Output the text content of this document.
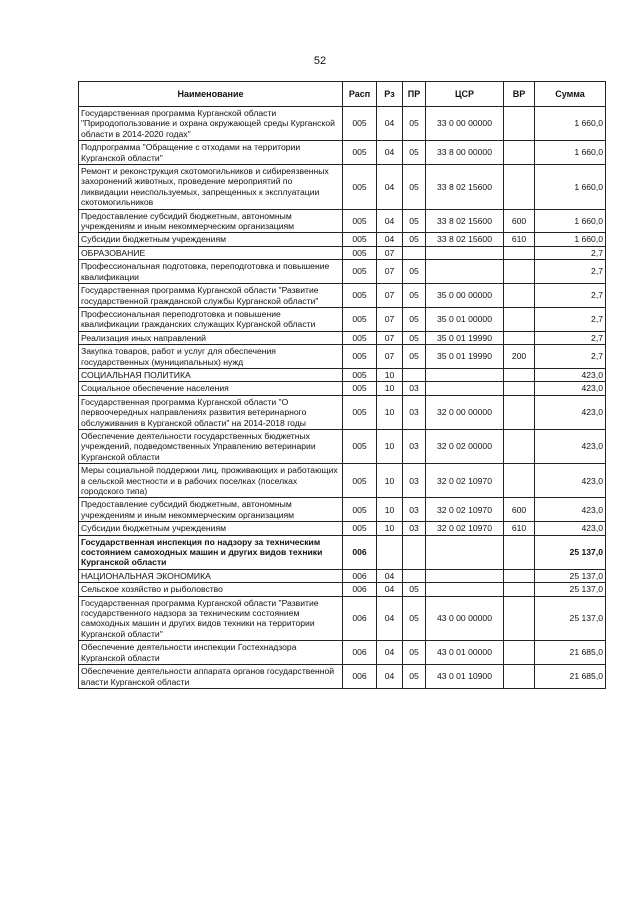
52
Наименование	Расп	Рз	ПР	ЦСР	ВР	Сумма
Государственная программа Курганской области "Природопользование и охрана окружающей среды Курганской области в 2014-2020 годах"	005	04	05	33 0 00 00000		1 660,0
Подпрограмма "Обращение с отходами на территории Курганской области"	005	04	05	33 8 00 00000		1 660,0
Ремонт и реконструкция скотомогильников и сибиреязвенных захоронений животных, проведение мероприятий по ликвидации неиспользуемых, запрещенных к эксплуатации скотомогильников	005	04	05	33 8 02 15600		1 660,0
Предоставление субсидий бюджетным, автономным учреждениям и иным некоммерческим организациям	005	04	05	33 8 02 15600	600	1 660,0
Субсидии бюджетным учреждениям	005	04	05	33 8 02 15600	610	1 660,0
ОБРАЗОВАНИЕ	005	07				2,7
Профессиональная подготовка, переподготовка и повышение квалификации	005	07	05			2,7
Государственная программа Курганской области "Развитие государственной гражданской службы Курганской области"	005	07	05	35 0 00 00000		2,7
Профессиональная переподготовка и повышение квалификации гражданских служащих Курганской области	005	07	05	35 0 01 00000		2,7
Реализация иных направлений	005	07	05	35 0 01 19990		2,7
Закупка товаров, работ и услуг для обеспечения государственных (муниципальных) нужд	005	07	05	35 0 01 19990	200	2,7
СОЦИАЛЬНАЯ ПОЛИТИКА	005	10				423,0
Социальное обеспечение населения	005	10	03			423,0
Государственная программа Курганской области "О первоочередных направлениях развития ветеринарного обслуживания в Курганской области" на 2014-2018 годы	005	10	03	32 0 00 00000		423,0
Обеспечение деятельности государственных бюджетных учреждений, подведомственных Управлению ветеринарии Курганской области	005	10	03	32 0 02 00000		423,0
Меры социальной поддержки лиц, проживающих и работающих в сельской местности и в рабочих поселках (поселках городского типа)	005	10	03	32 0 02 10970		423,0
Предоставление субсидий бюджетным, автономным учреждениям и иным некоммерческим организациям	005	10	03	32 0 02 10970	600	423,0
Субсидии бюджетным учреждениям	005	10	03	32 0 02 10970	610	423,0
Государственная инспекция по надзору за техническим состоянием самоходных машин и других видов техники Курганской области	006					25 137,0
НАЦИОНАЛЬНАЯ ЭКОНОМИКА	006	04				25 137,0
Сельское хозяйство и рыболовство	006	04	05			25 137,0
Государственная программа Курганской области "Развитие государственного надзора за техническим состоянием самоходных машин и других видов техники на территории Курганской области"	006	04	05	43 0 00 00000		25 137,0
Обеспечение деятельности инспекции Гостехнадзора Курганской области	006	04	05	43 0 01 00000		21 685,0
Обеспечение деятельности аппарата органов государственной власти Курганской области	006	04	05	43 0 01 10900		21 685,0
